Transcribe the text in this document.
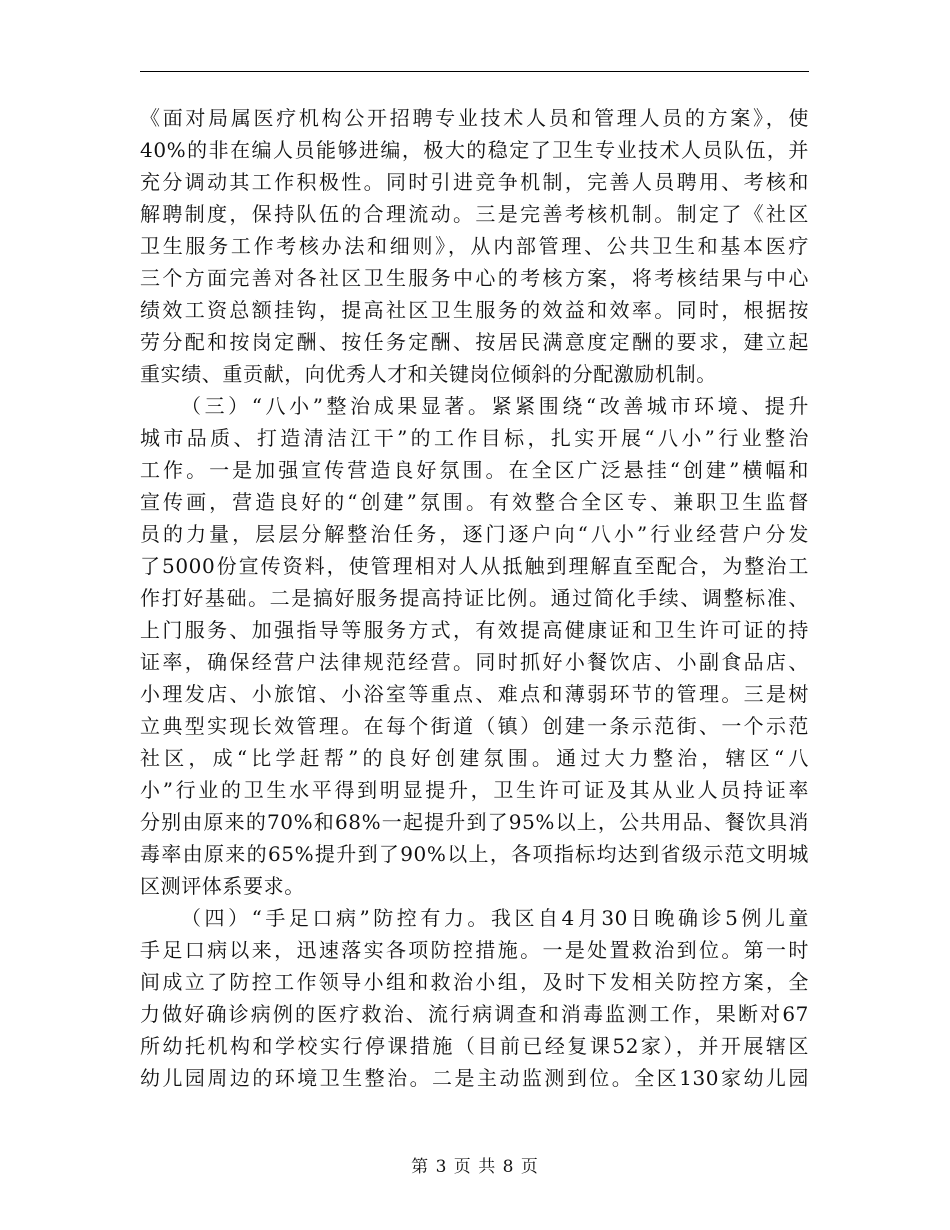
《面对局属医疗机构公开招聘专业技术人员和管理人员的方案》，使
40%的非在编人员能够进编，极大的稳定了卫生专业技术人员队伍，并
充分调动其工作积极性。同时引进竞争机制，完善人员聘用、考核和
解聘制度，保持队伍的合理流动。三是完善考核机制。制定了《社区
卫生服务工作考核办法和细则》，从内部管理、公共卫生和基本医疗
三个方面完善对各社区卫生服务中心的考核方案，将考核结果与中心
绩效工资总额挂钩，提高社区卫生服务的效益和效率。同时，根据按
劳分配和按岗定酬、按任务定酬、按居民满意度定酬的要求，建立起
重实绩、重贡献，向优秀人才和关键岗位倾斜的分配激励机制。
（三）“八小”整治成果显著。紧紧围绕“改善城市环境、提升
城市品质、打造清洁江干”的工作目标，扎实开展“八小”行业整治
工作。一是加强宣传营造良好氛围。在全区广泛悬挂“创建”横幅和
宣传画，营造良好的“创建”氛围。有效整合全区专、兼职卫生监督
员的力量，层层分解整治任务，逐门逐户向“八小”行业经营户分发
了5000份宣传资料，使管理相对人从抵触到理解直至配合，为整治工
作打好基础。二是搞好服务提高持证比例。通过简化手续、调整标准、
上门服务、加强指导等服务方式，有效提高健康证和卫生许可证的持
证率，确保经营户法律规范经营。同时抓好小餐饮店、小副食品店、
小理发店、小旅馆、小浴室等重点、难点和薄弱环节的管理。三是树
立典型实现长效管理。在每个街道（镇）创建一条示范街、一个示范
社区，成“比学赶帮”的良好创建氛围。通过大力整治，辖区“八
小”行业的卫生水平得到明显提升，卫生许可证及其从业人员持证率
分别由原来的70%和68%一起提升到了95%以上，公共用品、餐饮具消
毒率由原来的65%提升到了90%以上，各项指标均达到省级示范文明城
区测评体系要求。
（四）“手足口病”防控有力。我区自4月30日晚确诊5例儿童
手足口病以来，迅速落实各项防控措施。一是处置救治到位。第一时
间成立了防控工作领导小组和救治小组，及时下发相关防控方案，全
力做好确诊病例的医疗救治、流行病调查和消毒监测工作，果断对67
所幼托机构和学校实行停课措施（目前已经复课52家），并开展辖区
幼儿园周边的环境卫生整治。二是主动监测到位。全区130家幼儿园
第 3 页 共 8 页
